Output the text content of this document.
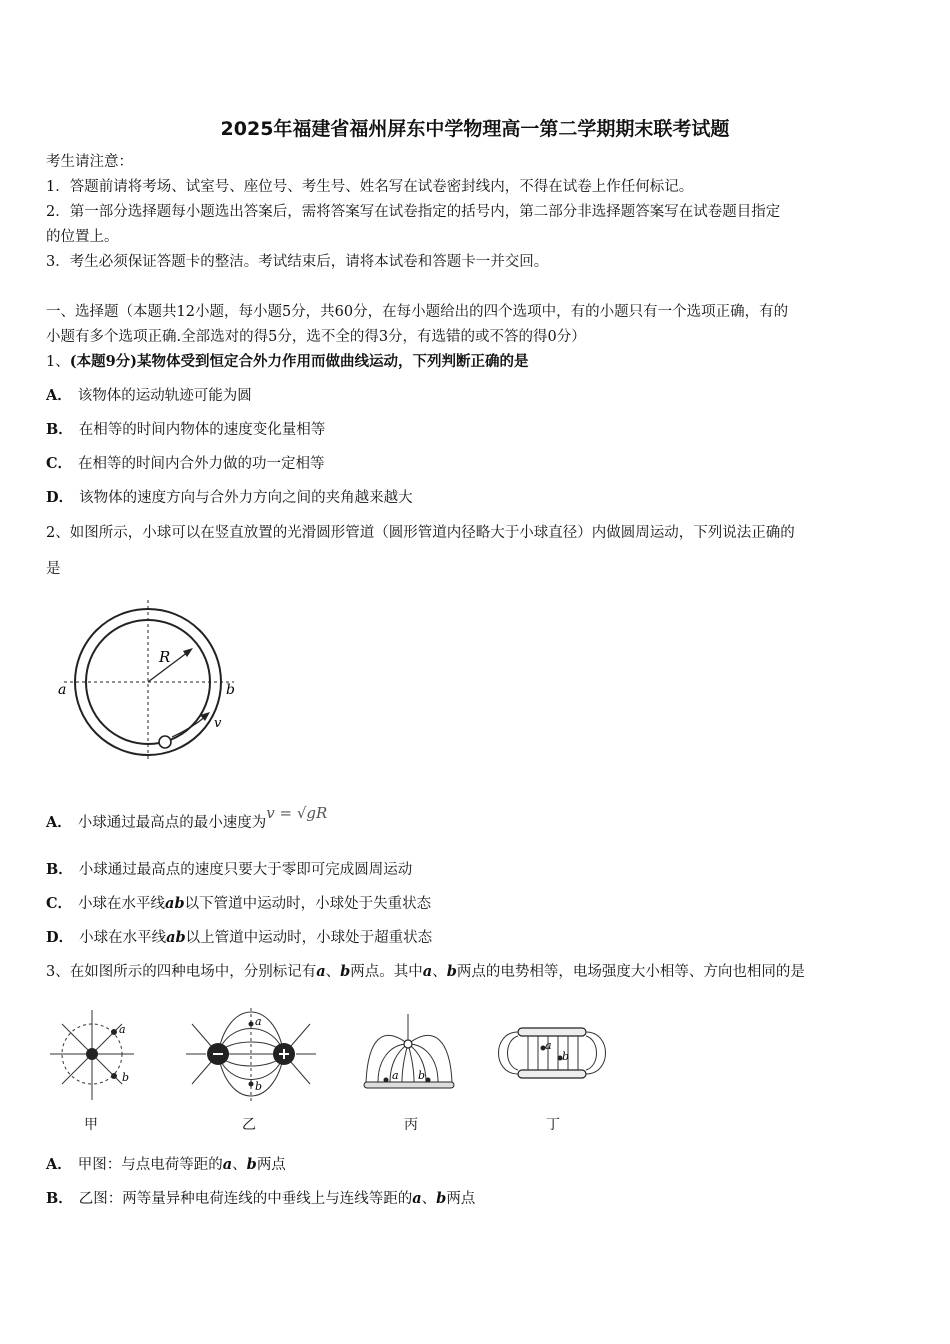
2025年福建省福州屏东中学物理高一第二学期期末联考试题
考生请注意：
1．答题前请将考场、试室号、座位号、考生号、姓名写在试卷密封线内，不得在试卷上作任何标记。
2．第一部分选择题每小题选出答案后，需将答案写在试卷指定的括号内，第二部分非选择题答案写在试卷题目指定
的位置上。
3．考生必须保证答题卡的整洁。考试结束后，请将本试卷和答题卡一并交回。
一、选择题（本题共12小题，每小题5分，共60分，在每小题给出的四个选项中，有的小题只有一个选项正确，有的
小题有多个选项正确.全部选对的得5分，选不全的得3分，有选错的或不答的得0分）
1、(本题9分)某物体受到恒定合外力作用而做曲线运动，下列判断正确的是
A． 该物体的运动轨迹可能为圆
B． 在相等的时间内物体的速度变化量相等
C． 在相等的时间内合外力做的功一定相等
D． 该物体的速度方向与合外力方向之间的夹角越来越大
2、如图所示，小球可以在竖直放置的光滑圆形管道（圆形管道内径略大于小球直径）内做圆周运动，下列说法正确的
是
R
a	b
v
A． 小球通过最高点的最小速度为v = √gR
B． 小球通过最高点的速度只要大于零即可完成圆周运动
C． 小球在水平线ab以下管道中运动时，小球处于失重状态
D． 小球在水平线ab以上管道中运动时，小球处于超重状态
3、在如图所示的四种电场中，分别标记有a、b两点。其中a、b两点的电势相等，电场强度大小相等、方向也相同的是
a
b
a
b
a b
a
b
甲	乙	丙	丁
A． 甲图：与点电荷等距的a、b两点
B． 乙图：两等量异种电荷连线的中垂线上与连线等距的a、b两点
